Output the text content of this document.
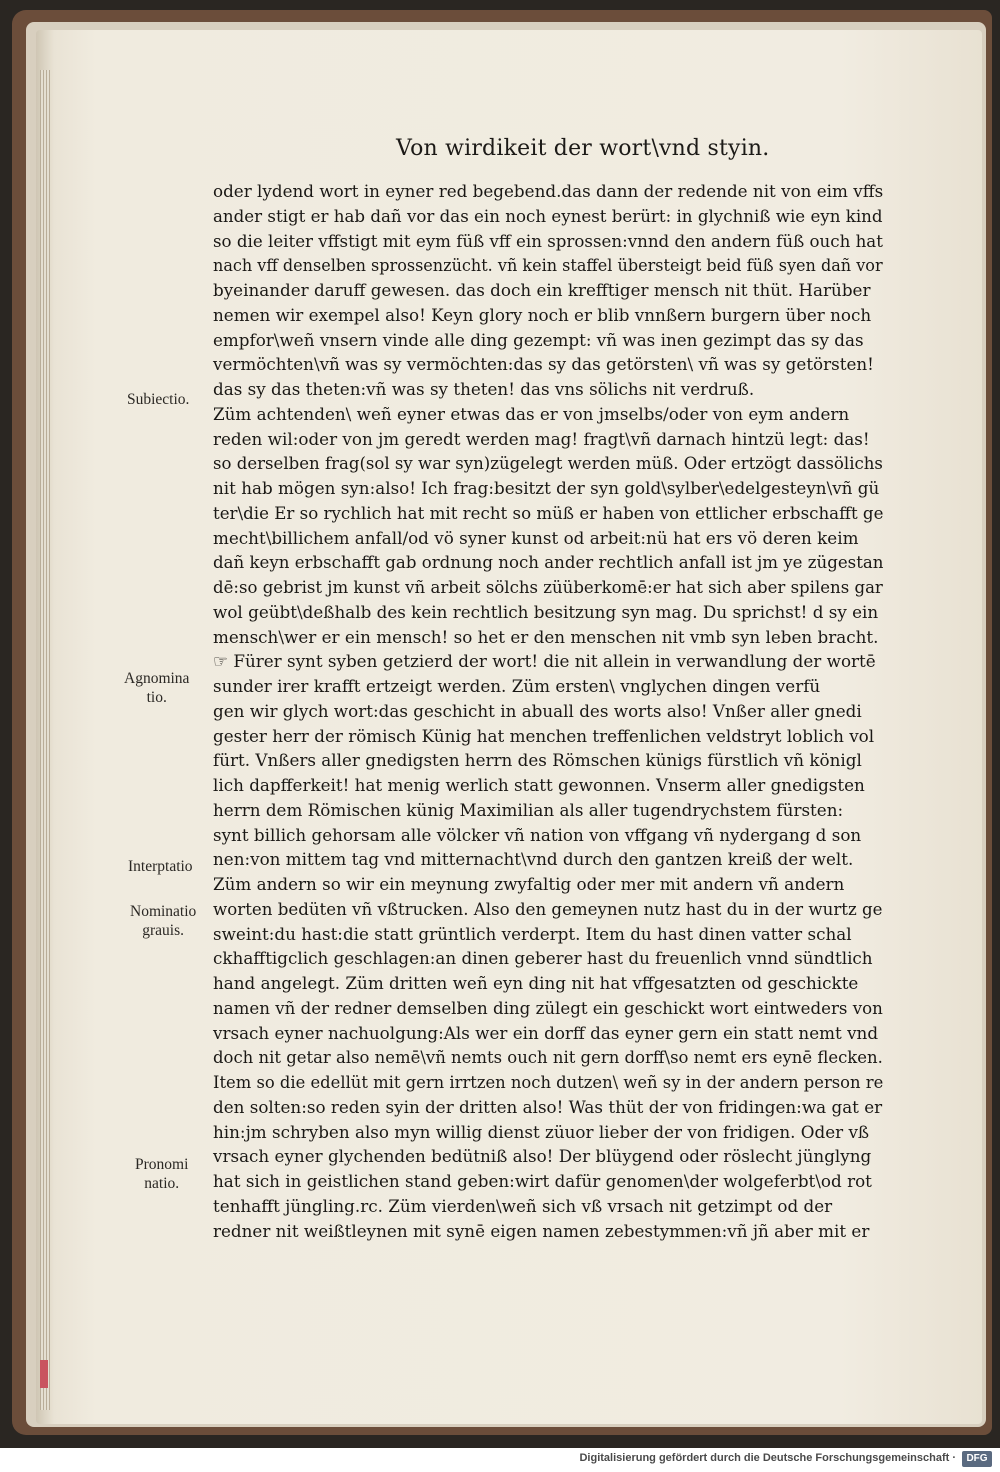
Von wirdikeit der wort\vnd styin.
oder lydend wort in eyner red begebend.das dann der redende nit von eim vffs
ander stigt er hab dañ vor das ein noch eynest berürt: in glychniß wie eyn kind
so die leiter vffstigt mit eym füß vff ein sprossen:vnnd den andern füß ouch hat
nach vff denselben sprossenzücht. vñ kein staffel übersteigt beid füß syen dañ vor
byeinander daruff gewesen. das doch ein krefftiger mensch nit thüt. Harüber
nemen wir exempel also! Keyn glory noch er blib vnnßern burgern über noch
empfor\weñ vnsern vinde alle ding gezempt: vñ was inen gezimpt das sy das
vermöchten\vñ was sy vermöchten:das sy das getörsten\ vñ was sy getörsten!
das sy das theten:vñ was sy theten! das vns sölichs nit verdruß.
Züm achtenden\ weñ eyner etwas das er von jmselbs/oder von eym andern
reden wil:oder von jm geredt werden mag! fragt\vñ darnach hintzü legt: das!
so derselben frag(sol sy war syn)zügelegt werden müß. Oder ertzögt dassölichs
nit hab mögen syn:also! Ich frag:besitzt der syn gold\sylber\edelgesteyn\vñ gü
ter\die Er so rychlich hat mit recht so müß er haben von ettlicher erbschafft ge
mecht\billichem anfall/od vö syner kunst od arbeit:nü hat ers vö deren keim
dañ keyn erbschafft gab ordnung noch ander rechtlich anfall ist jm ye zügestan
dē:so gebrist jm kunst vñ arbeit sölchs züüberkomē:er hat sich aber spilens gar
wol geübt\deßhalb des kein rechtlich besitzung syn mag. Du sprichst! d sy ein
mensch\wer er ein mensch! so het er den menschen nit vmb syn leben bracht.
☞ Fürer synt syben getzierd der wort! die nit allein in verwandlung der wortē
sunder irer krafft ertzeigt werden. Züm ersten\ vnglychen dingen verfü
gen wir glych wort:das geschicht in abuall des worts also! Vnßer aller gnedi
gester herr der römisch Künig hat menchen treffenlichen veldstryt loblich vol
fürt. Vnßers aller gnedigsten herrn des Römschen künigs fürstlich vñ königl
lich dapfferkeit! hat menig werlich statt gewonnen. Vnserm aller gnedigsten
herrn dem Römischen künig Maximilian als aller tugendrychstem fürsten:
synt billich gehorsam alle völcker vñ nation von vffgang vñ nydergang d son
nen:von mittem tag vnd mitternacht\vnd durch den gantzen kreiß der welt.
Züm andern so wir ein meynung zwyfaltig oder mer mit andern vñ andern
worten bedüten vñ vßtrucken. Also den gemeynen nutz hast du in der wurtz ge
sweint:du hast:die statt grüntlich verderpt. Item du hast dinen vatter schal
ckhafftigclich geschlagen:an dinen geberer hast du freuenlich vnnd sündtlich
hand angelegt. Züm dritten weñ eyn ding nit hat vffgesatzten od geschickte
namen vñ der redner demselben ding zülegt ein geschickt wort eintweders von
vrsach eyner nachuolgung:Als wer ein dorff das eyner gern ein statt nemt vnd
doch nit getar also nemē\vñ nemts ouch nit gern dorff\so nemt ers eynē flecken.
Item so die edellüt mit gern irrtzen noch dutzen\ weñ sy in der andern person re
den solten:so reden syin der dritten also! Was thüt der von fridingen:wa gat er
hin:jm schryben also myn willig dienst züuor lieber der von fridigen. Oder vß
vrsach eyner glychenden bedütniß also! Der blüygend oder röslecht jünglyng
hat sich in geistlichen stand geben:wirt dafür genomen\der wolgeferbt\od rot
tenhafft jüngling.rc. Züm vierden\weñ sich vß vrsach nit getzimpt od der
redner nit weißtleynen mit synē eigen namen zebestymmen:vñ jñ aber mit er
Subiectio.
Agnomina
tio.
Interptatio
Nominatio
grauis.
Pronomi
natio.
Digitalisierung gefördert durch die Deutsche Forschungsgemeinschaft ·	DFG
